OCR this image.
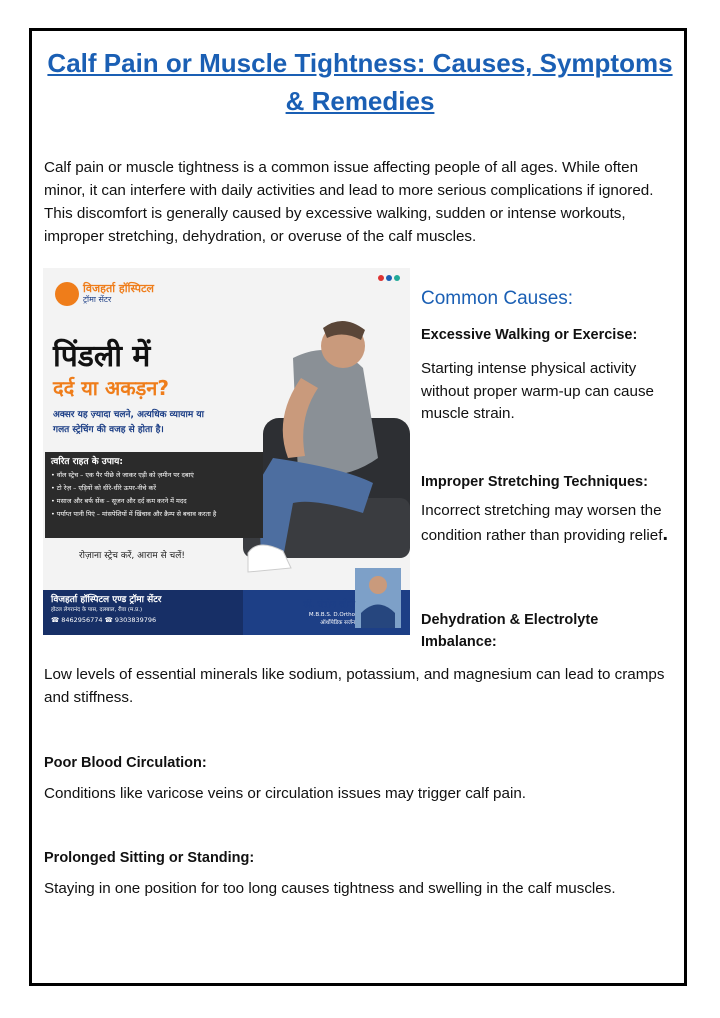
Calf Pain or Muscle Tightness: Causes, Symptoms & Remedies

Calf pain or muscle tightness is a common issue affecting people of all ages. While often minor, it can interfere with daily activities and lead to more serious complications if ignored. This discomfort is generally caused by excessive walking, sudden or intense workouts, improper stretching, dehydration, or overuse of the calf muscles.

विजहर्ता हॉस्पिटल
ट्रॉमा सेंटर
पिंडली में
दर्द या अकड़न?
अक्सर यह ज़्यादा चलने, अत्यधिक व्यायाम या
गलत स्ट्रेचिंग की वजह से होता है।
त्वरित राहत के उपाय:
• वॉल स्ट्रेच – एक पैर पीछे ले जाकर एड़ी को ज़मीन पर दबाएं
• टो रेज़ – एड़ियों को धीरे-धीरे ऊपर-नीचे करें
• मसाज और बर्फ सेंक – सूजन और दर्द कम करने में मदद
• पर्याप्त पानी पिएं – मांसपेशियों में खिंचाव और क्रैम्प से बचाव करता है
रोज़ाना स्ट्रेच करें, आराम से चलें!
विजहर्ता हॉस्पिटल एण्ड ट्रॉमा सेंटर
होटल लेगरानंद के पास, दलबाल, रीवा (म.प्र.)
☎ 8462956774 ☎ 9303839796
डॉ. संतोष सोनी
M.B.B.S. D.Ortho
ऑर्थोपेडिक सर्जन
Common Causes:

Excessive Walking or Exercise:

Starting intense physical activity without proper warm-up can cause muscle strain.

Improper Stretching Techniques:

Incorrect stretching may worsen the condition rather than providing relief.

Dehydration & Electrolyte Imbalance:

Low levels of essential minerals like sodium, potassium, and magnesium can lead to cramps and stiffness.

Poor Blood Circulation:

Conditions like varicose veins or circulation issues may trigger calf pain.

Prolonged Sitting or Standing:

Staying in one position for too long causes tightness and swelling in the calf muscles.
